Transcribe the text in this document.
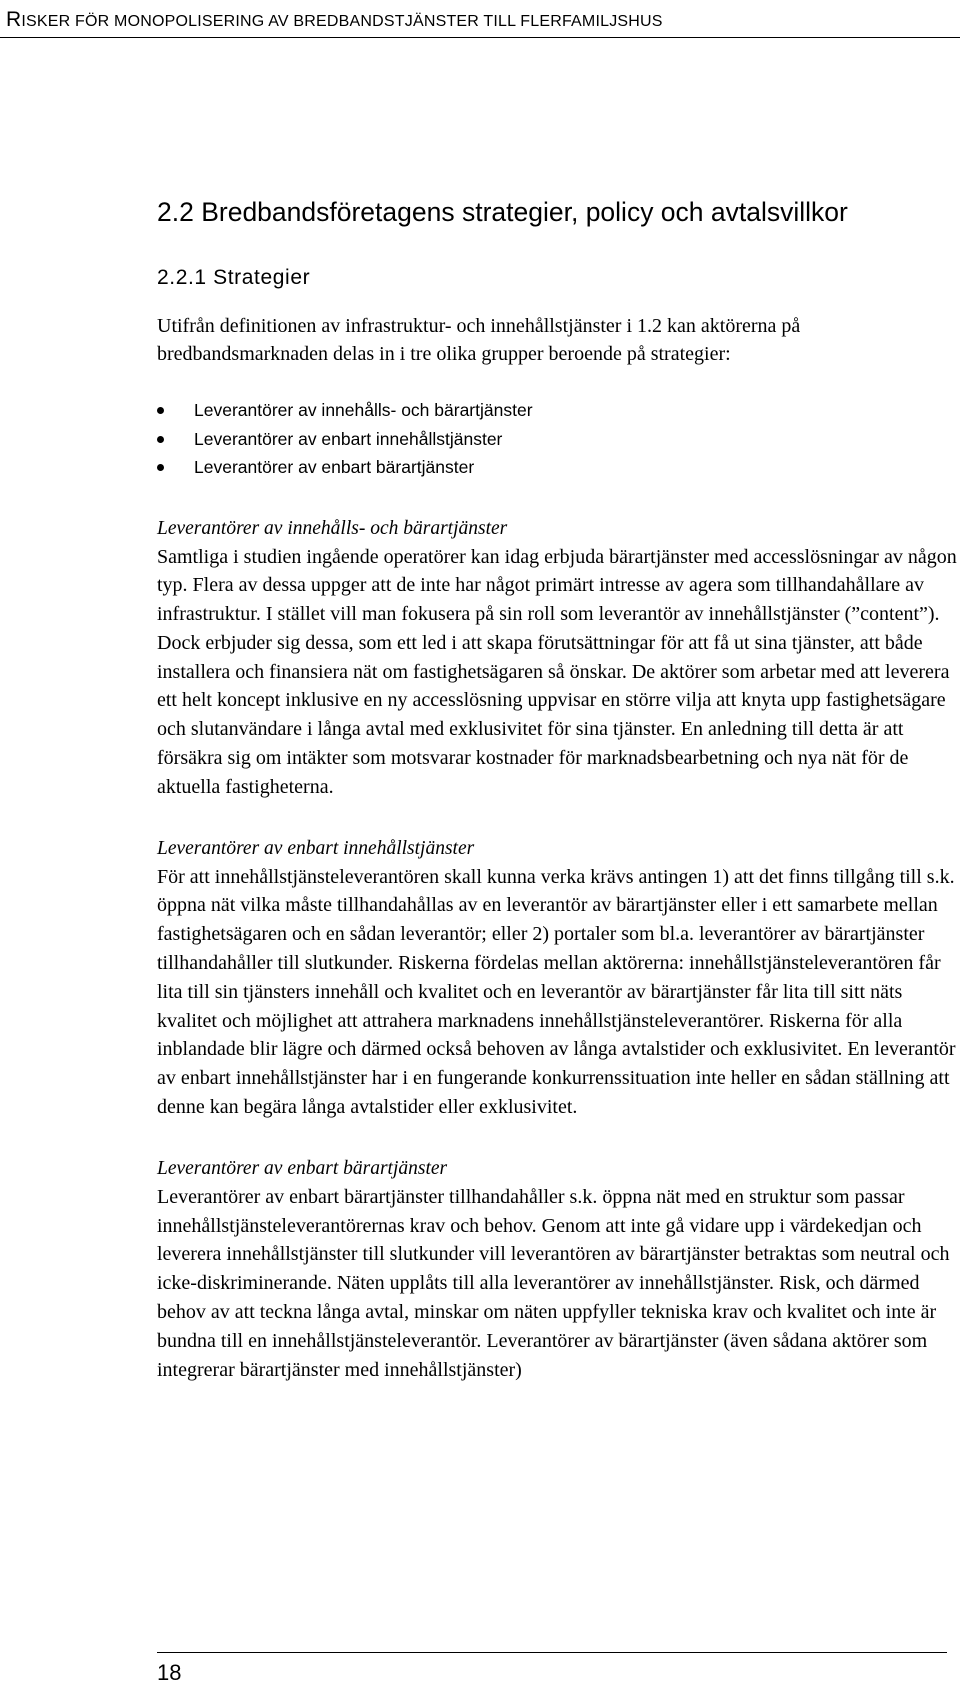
RISKER FÖR MONOPOLISERING AV BREDBANDSTJÄNSTER TILL FLERFAMILJSHUS
2.2 Bredbandsföretagens strategier, policy och avtalsvillkor
2.2.1 Strategier

Utifrån definitionen av infrastruktur- och innehållstjänster i 1.2 kan aktörerna på bredbandsmarknaden delas in i tre olika grupper beroende på strategier:

Leverantörer av innehålls- och bärartjänster
Leverantörer av enbart innehållstjänster
Leverantörer av enbart bärartjänster

Leverantörer av innehålls- och bärartjänster

Samtliga i studien ingående operatörer kan idag erbjuda bärartjänster med accesslösningar av någon typ. Flera av dessa uppger att de inte har något primärt intresse av agera som tillhandahållare av infrastruktur. I stället vill man fokusera på sin roll som leverantör av innehållstjänster (”content”). Dock erbjuder sig dessa, som ett led i att skapa förutsättningar för att få ut sina tjänster, att både installera och finansiera nät om fastighetsägaren så önskar. De aktörer som arbetar med att leverera ett helt koncept inklusive en ny accesslösning uppvisar en större vilja att knyta upp fastighetsägare och slutanvändare i långa avtal med exklusivitet för sina tjänster. En anledning till detta är att försäkra sig om intäkter som motsvarar kostnader för marknadsbearbetning och nya nät för de aktuella fastigheterna.

Leverantörer av enbart innehållstjänster

För att innehållstjänsteleverantören skall kunna verka krävs antingen 1) att det finns tillgång till s.k. öppna nät vilka måste tillhandahållas av en leverantör av bärartjänster eller i ett samarbete mellan fastighetsägaren och en sådan leverantör; eller 2) portaler som bl.a. leverantörer av bärartjänster tillhandahåller till slutkunder. Riskerna fördelas mellan aktörerna: innehållstjänsteleverantören får lita till sin tjänsters innehåll och kvalitet och en leverantör av bärartjänster får lita till sitt näts kvalitet och möjlighet att attrahera marknadens innehållstjänsteleverantörer. Riskerna för alla inblandade blir lägre och därmed också behoven av långa avtalstider och exklusivitet. En leverantör av enbart innehållstjänster har i en fungerande konkurrenssituation inte heller en sådan ställning att denne kan begära långa avtalstider eller exklusivitet.

Leverantörer av enbart bärartjänster

Leverantörer av enbart bärartjänster tillhandahåller s.k. öppna nät med en struktur som passar innehållstjänsteleverantörernas krav och behov. Genom att inte gå vidare upp i värdekedjan och leverera innehållstjänster till slutkunder vill leverantören av bärartjänster betraktas som neutral och icke-diskriminerande. Näten upplåts till alla leverantörer av innehållstjänster. Risk, och därmed behov av att teckna långa avtal, minskar om näten uppfyller tekniska krav och kvalitet och inte är bundna till en innehållstjänsteleverantör. Leverantörer av bärartjänster (även sådana aktörer som integrerar bärartjänster med innehållstjänster)

18
